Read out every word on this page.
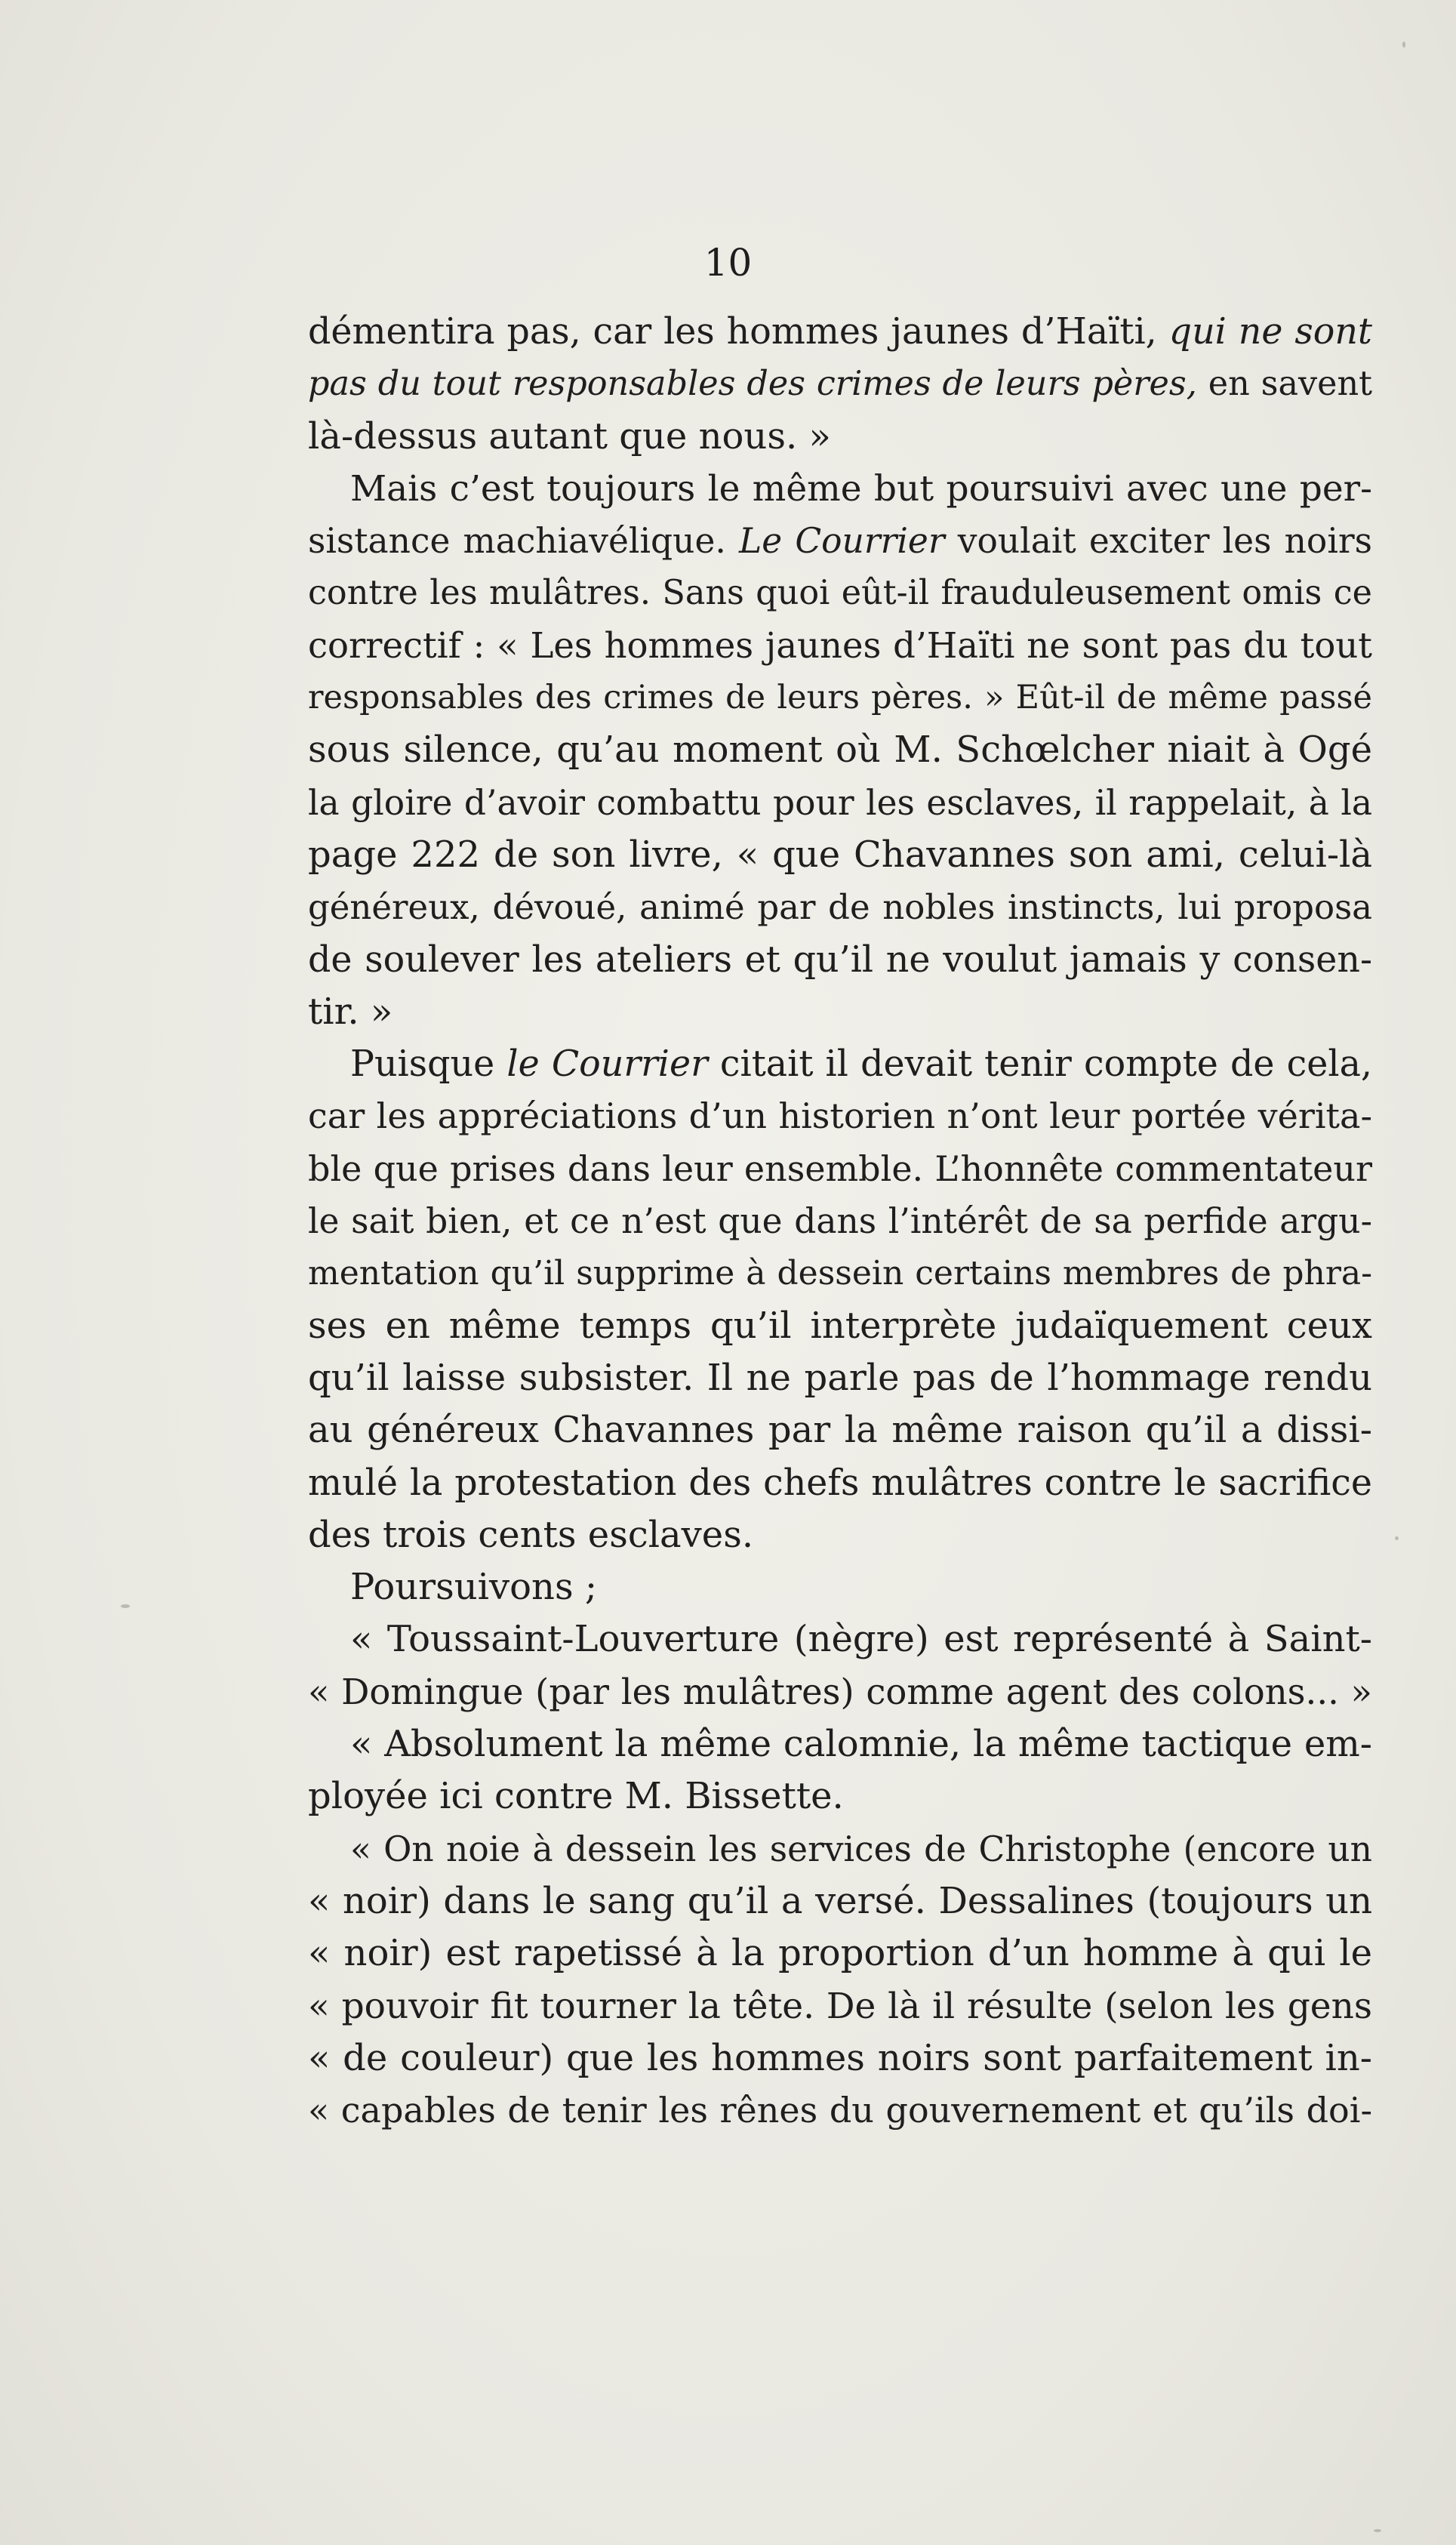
10
démentira pas, car les hommes jaunes d’Haïti, qui ne sont
pas du tout responsables des crimes de leurs pères, en savent
là-dessus autant que nous. »
Mais c’est toujours le même but poursuivi avec une per-
sistance machiavélique. Le Courrier voulait exciter les noirs
contre les mulâtres. Sans quoi eût-il frauduleusement omis ce
correctif : « Les hommes jaunes d’Haïti ne sont pas du tout
responsables des crimes de leurs pères. » Eût-il de même passé
sous silence, qu’au moment où M. Schœlcher niait à Ogé
la gloire d’avoir combattu pour les esclaves, il rappelait, à la
page 222 de son livre, « que Chavannes son ami, celui-là
généreux, dévoué, animé par de nobles instincts, lui proposa
de soulever les ateliers et qu’il ne voulut jamais y consen-
tir. »
Puisque le Courrier citait il devait tenir compte de cela,
car les appréciations d’un historien n’ont leur portée vérita-
ble que prises dans leur ensemble. L’honnête commentateur
le sait bien, et ce n’est que dans l’intérêt de sa perfide argu-
mentation qu’il supprime à dessein certains membres de phra-
ses en même temps qu’il interprète judaïquement ceux
qu’il laisse subsister. Il ne parle pas de l’hommage rendu
au généreux Chavannes par la même raison qu’il a dissi-
mulé la protestation des chefs mulâtres contre le sacrifice
des trois cents esclaves.
Poursuivons ;
« Toussaint-Louverture (nègre) est représenté à Saint-
« Domingue (par les mulâtres) comme agent des colons... »
« Absolument la même calomnie, la même tactique em-
ployée ici contre M. Bissette.
« On noie à dessein les services de Christophe (encore un
« noir) dans le sang qu’il a versé. Dessalines (toujours un
« noir) est rapetissé à la proportion d’un homme à qui le
« pouvoir fit tourner la tête. De là il résulte (selon les gens
« de couleur) que les hommes noirs sont parfaitement in-
« capables de tenir les rênes du gouvernement et qu’ils doi-
